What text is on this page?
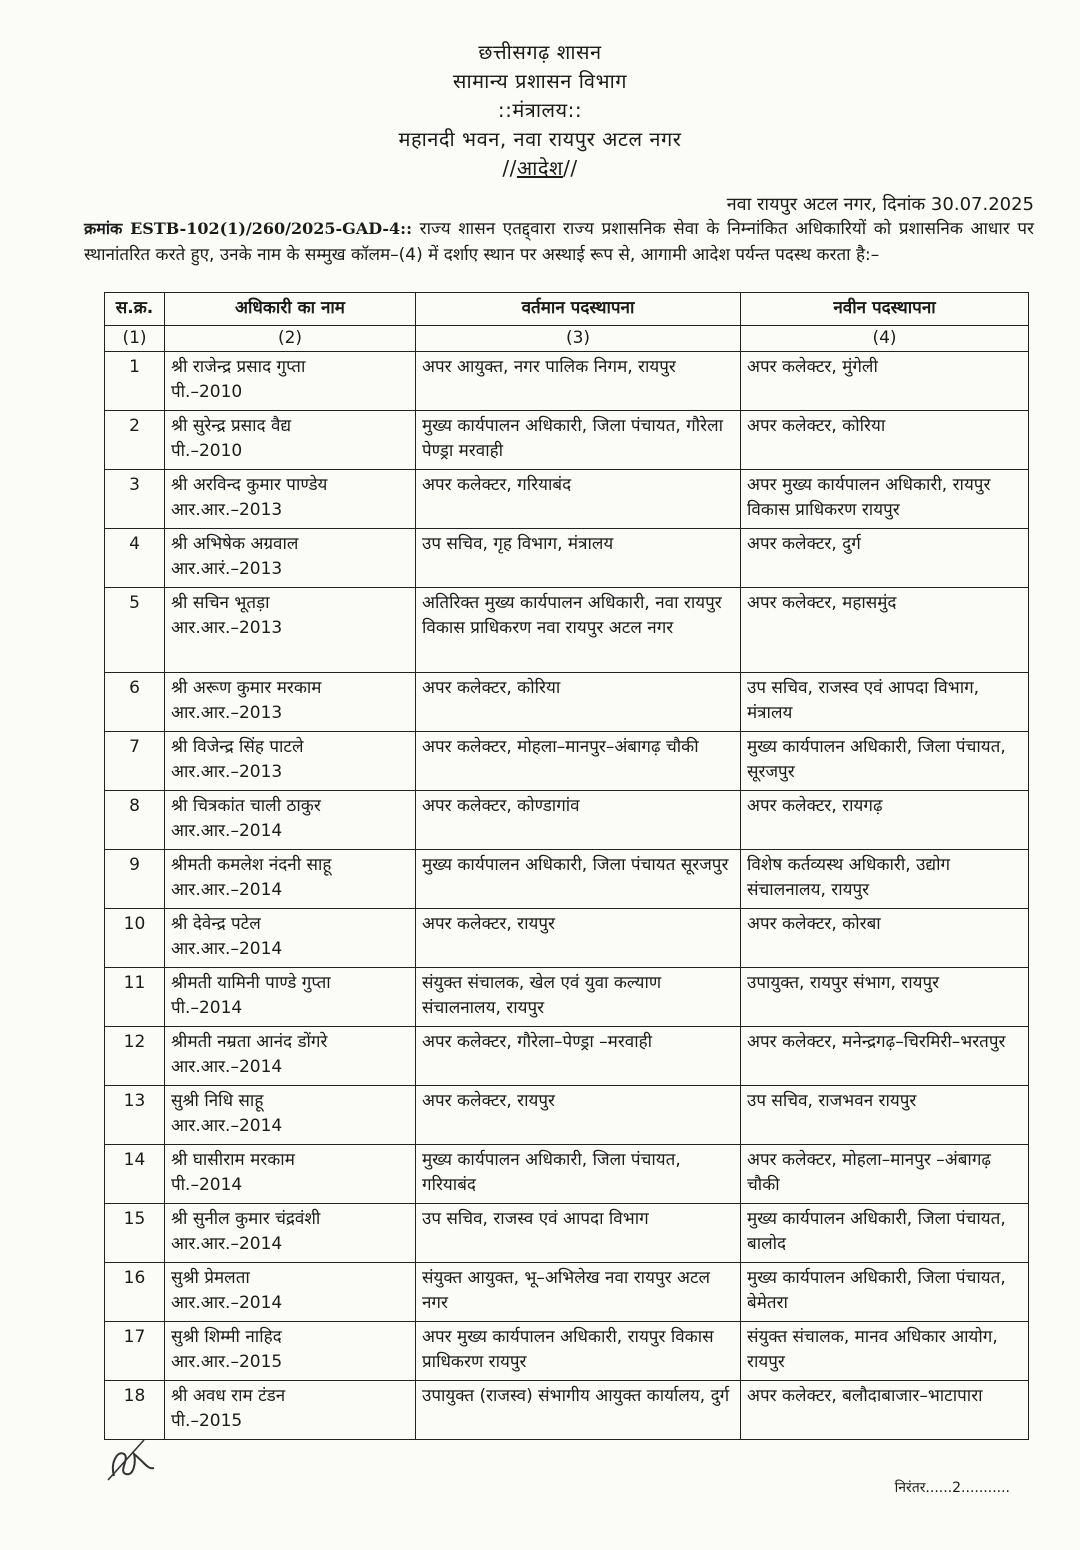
छत्तीसगढ़ शासन
सामान्य प्रशासन विभाग
::मंत्रालय::
महानदी भवन, नवा रायपुर अटल नगर
//आदेश//
नवा रायपुर अटल नगर, दिनांक 30.07.2025
क्रमांक ESTB-102(1)/260/2025-GAD-4:: राज्य शासन एतद्द्वारा राज्य प्रशासनिक सेवा के निम्नांकित अधिकारियों को प्रशासनिक आधार पर स्थानांतरित करते हुए, उनके नाम के सम्मुख कॉलम–(4) में दर्शाए स्थान पर अस्थाई रूप से, आगामी आदेश पर्यन्त पदस्थ करता है:–
स.क्र.	अधिकारी का नाम	वर्तमान पदस्थापना	नवीन पदस्थापना
(1)	(2)	(3)	(4)
1	श्री राजेन्द्र प्रसाद गुप्ता
पी.–2010	अपर आयुक्त, नगर पालिक निगम, रायपुर	अपर कलेक्टर, मुंगेली
2	श्री सुरेन्द्र प्रसाद वैद्य
पी.–2010	मुख्य कार्यपालन अधिकारी, जिला पंचायत, गौरेला पेण्ड्रा मरवाही	अपर कलेक्टर, कोरिया
3	श्री अरविन्द कुमार पाण्डेय
आर.आर.–2013	अपर कलेक्टर, गरियाबंद	अपर मुख्य कार्यपालन अधिकारी, रायपुर विकास प्राधिकरण रायपुर
4	श्री अभिषेक अग्रवाल
आर.आरं.–2013	उप सचिव, गृह विभाग, मंत्रालय	अपर कलेक्टर, दुर्ग
5	श्री सचिन भूतड़ा
आर.आर.–2013	अतिरिक्त मुख्य कार्यपालन अधिकारी, नवा रायपुर विकास प्राधिकरण नवा रायपुर अटल नगर	अपर कलेक्टर, महासमुंद
6	श्री अरूण कुमार मरकाम
आर.आर.–2013	अपर कलेक्टर, कोरिया	उप सचिव, राजस्व एवं आपदा विभाग, मंत्रालय
7	श्री विजेन्द्र सिंह पाटले
आर.आर.–2013	अपर कलेक्टर, मोहला–मानपुर–अंबागढ़ चौकी	मुख्य कार्यपालन अधिकारी, जिला पंचायत, सूरजपुर
8	श्री चित्रकांत चाली ठाकुर
आर.आर.–2014	अपर कलेक्टर, कोण्डागांव	अपर कलेक्टर, रायगढ़
9	श्रीमती कमलेश नंदनी साहू
आर.आर.–2014	मुख्य कार्यपालन अधिकारी, जिला पंचायत सूरजपुर	विशेष कर्तव्यस्थ अधिकारी, उद्योग संचालनालय, रायपुर
10	श्री देवेन्द्र पटेल
आर.आर.–2014	अपर कलेक्टर, रायपुर	अपर कलेक्टर, कोरबा
11	श्रीमती यामिनी पाण्डे गुप्ता
पी.–2014	संयुक्त संचालक, खेल एवं युवा कल्याण संचालनालय, रायपुर	उपायुक्त, रायपुर संभाग, रायपुर
12	श्रीमती नम्रता आनंद डोंगरे
आर.आर.–2014	अपर कलेक्टर, गौरेला–पेण्ड्रा –मरवाही	अपर कलेक्टर, मनेन्द्रगढ़–चिरमिरी–भरतपुर
13	सुश्री निधि साहू
आर.आर.–2014	अपर कलेक्टर, रायपुर	उप सचिव, राजभवन रायपुर
14	श्री घासीराम मरकाम
पी.–2014	मुख्य कार्यपालन अधिकारी, जिला पंचायत, गरियाबंद	अपर कलेक्टर, मोहला–मानपुर –अंबागढ़ चौकी
15	श्री सुनील कुमार चंद्रवंशी
आर.आर.–2014	उप सचिव, राजस्व एवं आपदा विभाग	मुख्य कार्यपालन अधिकारी, जिला पंचायत, बालोद
16	सुश्री प्रेमलता
आर.आर.–2014	संयुक्त आयुक्त, भू–अभिलेख नवा रायपुर अटल नगर	मुख्य कार्यपालन अधिकारी, जिला पंचायत, बेमेतरा
17	सुश्री शिम्मी नाहिद
आर.आर.–2015	अपर मुख्य कार्यपालन अधिकारी, रायपुर विकास प्राधिकरण रायपुर	संयुक्त संचालक, मानव अधिकार आयोग, रायपुर
18	श्री अवध राम टंडन
पी.–2015	उपायुक्त (राजस्व) संभागीय आयुक्त कार्यालय, दुर्ग	अपर कलेक्टर, बलौदाबाजार–भाटापारा
निरंतर......2...........
